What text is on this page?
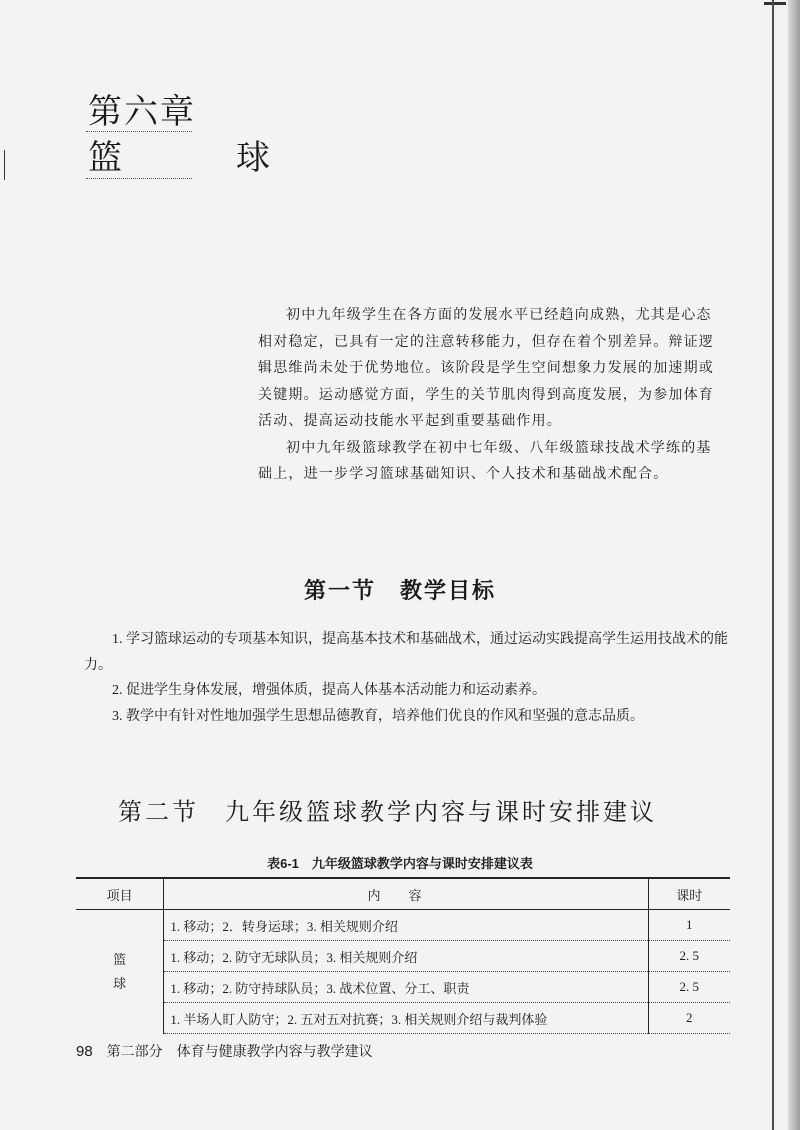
第六章
篮　球

初中九年级学生在各方面的发展水平已经趋向成熟，尤其是心态相对稳定，已具有一定的注意转移能力，但存在着个别差异。辩证逻辑思维尚未处于优势地位。该阶段是学生空间想象力发展的加速期或关键期。运动感觉方面，学生的关节肌肉得到高度发展，为参加体育活动、提高运动技能水平起到重要基础作用。

初中九年级篮球教学在初中七年级、八年级篮球技战术学练的基础上，进一步学习篮球基础知识、个人技术和基础战术配合。

第一节　教学目标

1. 学习篮球运动的专项基本知识，提高基本技术和基础战术，通过运动实践提高学生运用技战术的能力。

2. 促进学生身体发展，增强体质，提高人体基本活动能力和运动素养。

3. 教学中有针对性地加强学生思想品德教育，培养他们优良的作风和坚强的意志品质。

第二节 九年级篮球教学内容与课时安排建议
表6-1　九年级篮球教学内容与课时安排建议表
项目	内容	课时
篮
球	1. 移动；2．转身运球；3. 相关规则介绍	1
	1. 移动；2. 防守无球队员；3. 相关规则介绍	2. 5
	1. 移动；2. 防守持球队员；3. 战术位置、分工、职责	2. 5
	1. 半场人盯人防守；2. 五对五对抗赛；3. 相关规则介绍与裁判体验	2
98 第二部分　体育与健康教学内容与教学建议
